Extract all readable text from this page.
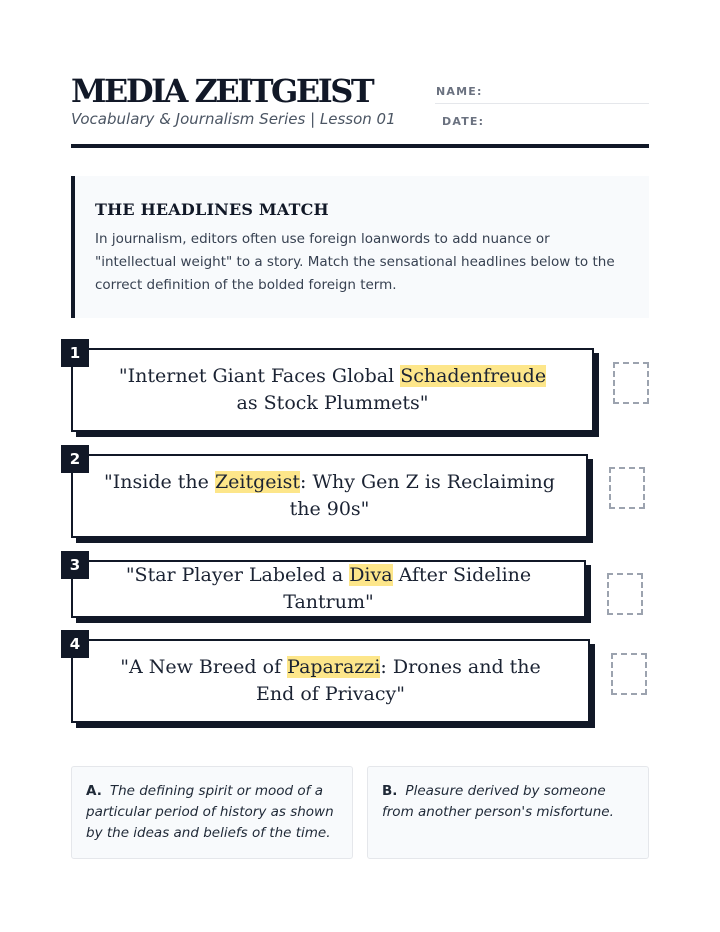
MEDIA ZEITGEIST
Vocabulary & Journalism Series | Lesson 01
NAME:
DATE:
THE HEADLINES MATCH
In journalism, editors often use foreign loanwords to add nuance or "intellectual weight" to a story. Match the sensational headlines below to the correct definition of the bolded foreign term.
"Internet Giant Faces Global Schadenfreude as Stock Plummets"
1
"Inside the Zeitgeist: Why Gen Z is Reclaiming the 90s"
2
"Star Player Labeled a Diva After Sideline Tantrum"
3
"A New Breed of Paparazzi: Drones and the End of Privacy"
4
A. The defining spirit or mood of a particular period of history as shown by the ideas and beliefs of the time.
B. Pleasure derived by someone from another person's misfortune.
